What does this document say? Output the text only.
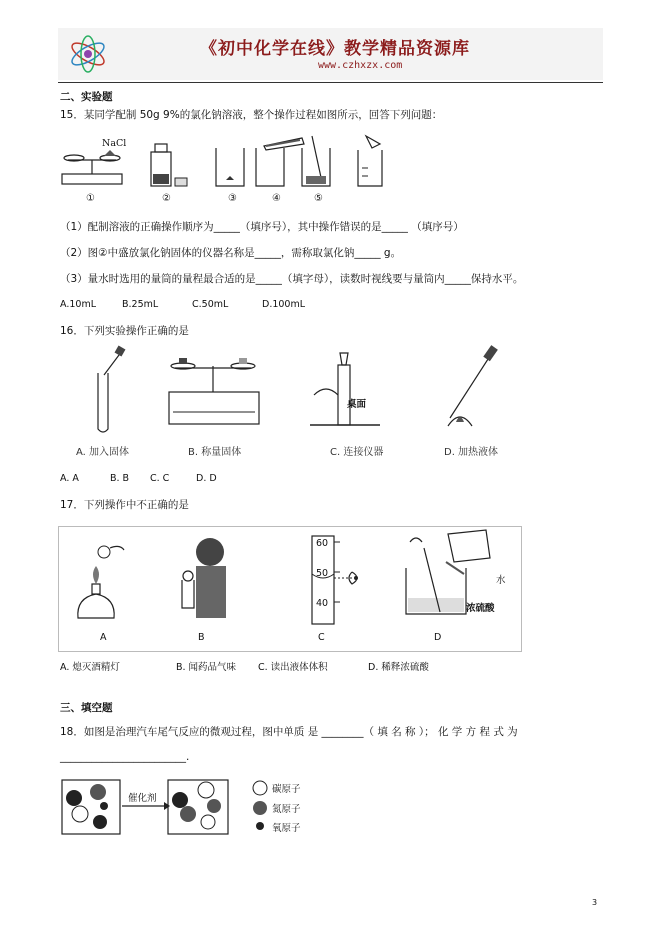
《初中化学在线》教学精品资源库
www.czhxzx.com
二、实验题
15．某同学配制 50g 9%的氯化钠溶液，整个操作过程如图所示，回答下列问题：
NaCl
①	②	③	④	⑤
（1）配制溶液的正确操作顺序为_____（填序号），其中操作错误的是_____ （填序号）
（2）图②中盛放氯化钠固体的仪器名称是_____，需称取氯化钠_____ g。
（3）量水时选用的量筒的量程最合适的是_____（填字母），读数时视线要与量筒内_____保持水平。
A.10mL	B.25mL	C.50mL	D.100mL
16．下列实验操作正确的是
桌面
A. 加入固体	B. 称量固体	C. 连接仪器	D. 加热液体
A. A	B. B C. C	D. D
17．下列操作中不正确的是
60
50
40
水
浓硫酸
A	B	C	D
A. 熄灭酒精灯	B. 闻药品气味 C. 读出液体体积	D. 稀释浓硫酸
三、填空题
18．如图是治理汽车尾气反应的微观过程，图中单质 是 ________（ 填 名 称 ）； 化 学 方 程 式 为
________________________.
催化剂
碳原子
氮原子
氧原子
3
